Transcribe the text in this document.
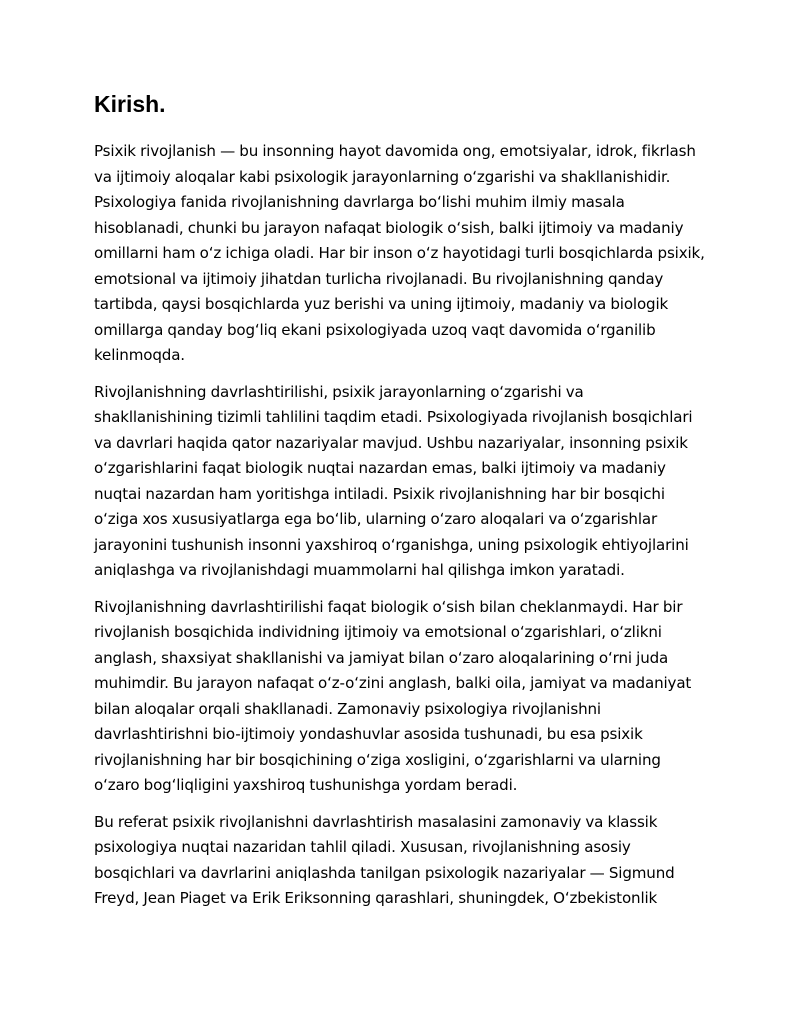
Kirish.

Psixik rivojlanish — bu insonning hayot davomida ong, emotsiyalar, idrok, fikrlash va ijtimoiy aloqalar kabi psixologik jarayonlarning oʻzgarishi va shakllanishidir. Psixologiya fanida rivojlanishning davrlarga boʻlishi muhim ilmiy masala hisoblanadi, chunki bu jarayon nafaqat biologik oʻsish, balki ijtimoiy va madaniy omillarni ham oʻz ichiga oladi. Har bir inson oʻz hayotidagi turli bosqichlarda psixik, emotsional va ijtimoiy jihatdan turlicha rivojlanadi. Bu rivojlanishning qanday tartibda, qaysi bosqichlarda yuz berishi va uning ijtimoiy, madaniy va biologik omillarga qanday bogʻliq ekani psixologiyada uzoq vaqt davomida oʻrganilib kelinmoqda.

Rivojlanishning davrlashtirilishi, psixik jarayonlarning oʻzgarishi va shakllanishining tizimli tahlilini taqdim etadi. Psixologiyada rivojlanish bosqichlari va davrlari haqida qator nazariyalar mavjud. Ushbu nazariyalar, insonning psixik oʻzgarishlarini faqat biologik nuqtai nazardan emas, balki ijtimoiy va madaniy nuqtai nazardan ham yoritishga intiladi. Psixik rivojlanishning har bir bosqichi oʻziga xos xususiyatlarga ega boʻlib, ularning oʻzaro aloqalari va oʻzgarishlar jarayonini tushunish insonni yaxshiroq oʻrganishga, uning psixologik ehtiyojlarini aniqlashga va rivojlanishdagi muammolarni hal qilishga imkon yaratadi.

Rivojlanishning davrlashtirilishi faqat biologik oʻsish bilan cheklanmaydi. Har bir rivojlanish bosqichida individning ijtimoiy va emotsional oʻzgarishlari, oʻzlikni anglash, shaxsiyat shakllanishi va jamiyat bilan oʻzaro aloqalarining oʻrni juda muhimdir. Bu jarayon nafaqat oʻz-oʻzini anglash, balki oila, jamiyat va madaniyat bilan aloqalar orqali shakllanadi. Zamonaviy psixologiya rivojlanishni davrlashtirishni bio-ijtimoiy yondashuvlar asosida tushunadi, bu esa psixik rivojlanishning har bir bosqichining oʻziga xosligini, oʻzgarishlarni va ularning oʻzaro bogʻliqligini yaxshiroq tushunishga yordam beradi.

Bu referat psixik rivojlanishni davrlashtirish masalasini zamonaviy va klassik psixologiya nuqtai nazaridan tahlil qiladi. Xususan, rivojlanishning asosiy bosqichlari va davrlarini aniqlashda tanilgan psixologik nazariyalar — Sigmund Freyd, Jean Piaget va Erik Eriksonning qarashlari, shuningdek, Oʻzbekistonlik
